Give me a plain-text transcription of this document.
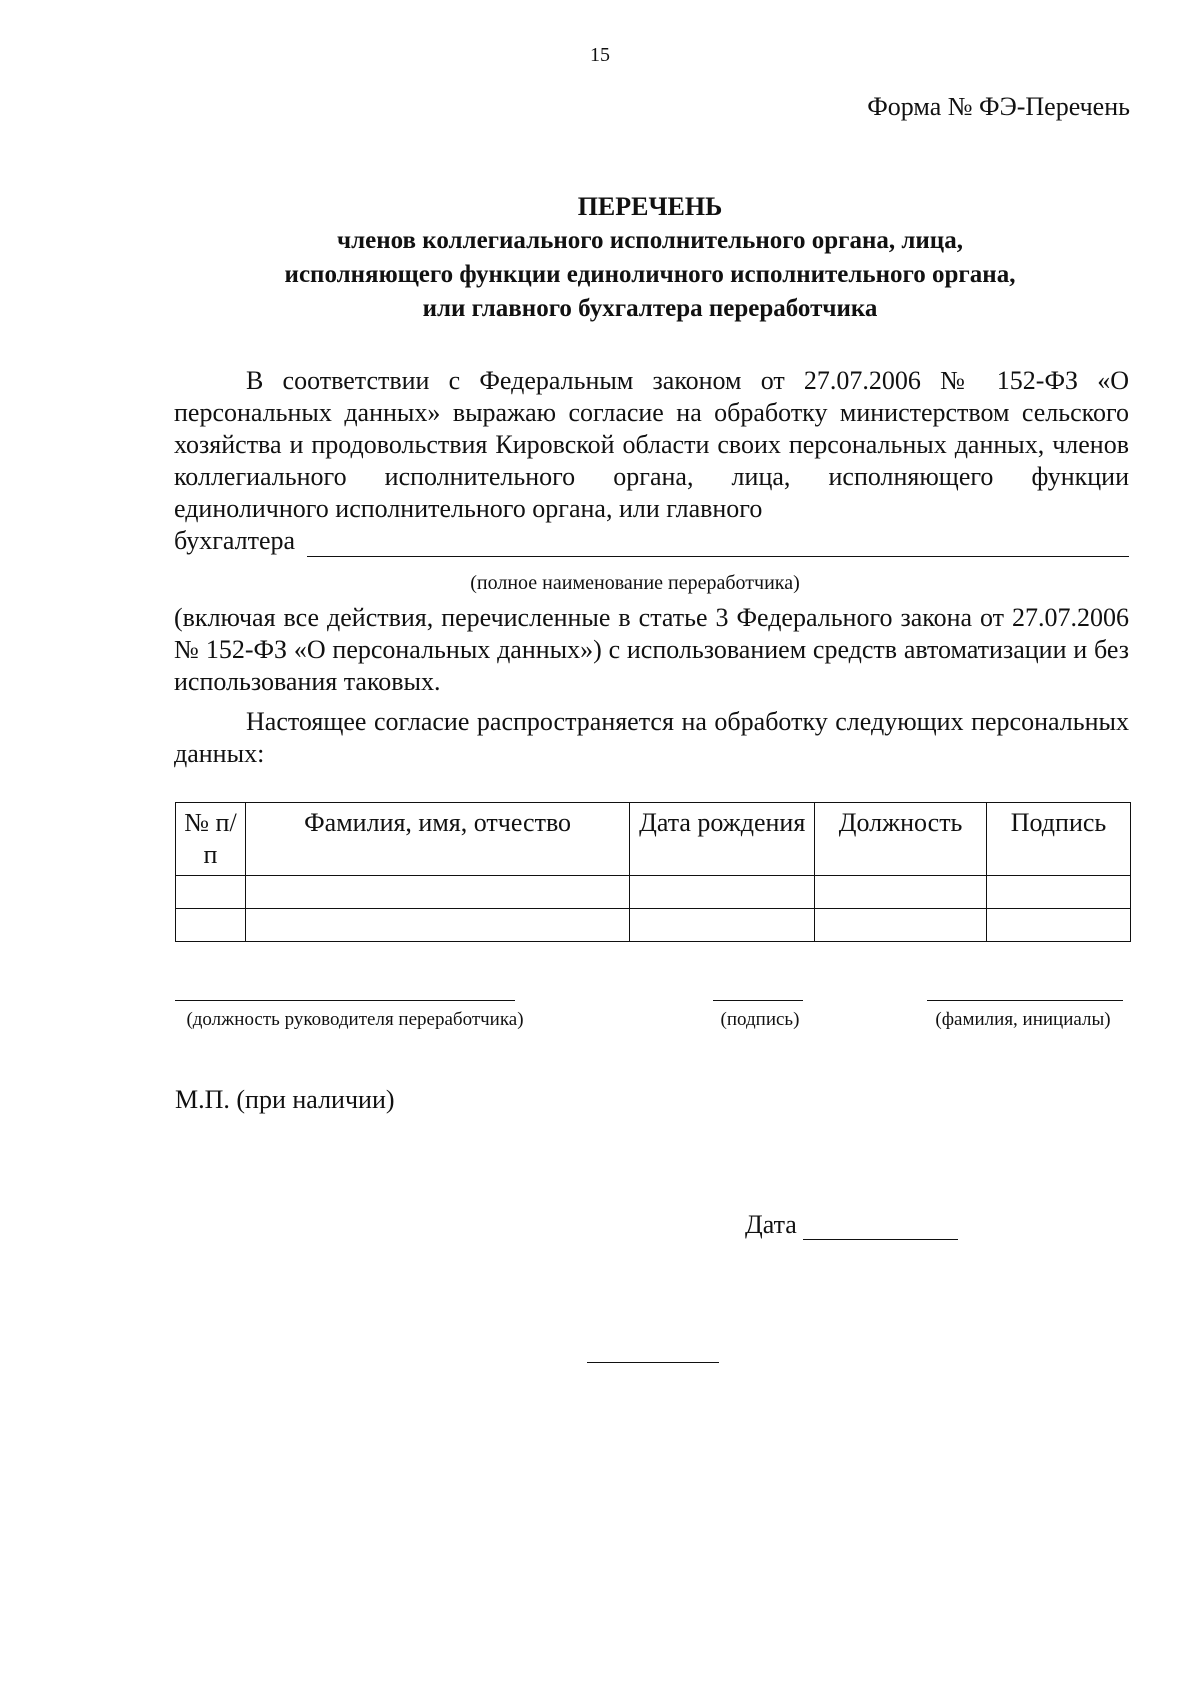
15
Форма № ФЭ-Перечень
ПЕРЕЧЕНЬ
членов коллегиального исполнительного органа, лица,
исполняющего функции единоличного исполнительного органа,
или главного бухгалтера переработчика
В соответствии с Федеральным законом от 27.07.2006 № 152-ФЗ «О персональных данных» выражаю согласие на обработку министерством сельского хозяйства и продовольствия Кировской области своих персональных данных, членов коллегиального исполнительного органа, лица, исполняющего функции единоличного исполнительного органа, или главного
бухгалтера
(полное наименование переработчика)
(включая все действия, перечисленные в статье 3 Федерального закона от 27.07.2006 № 152-ФЗ «О персональных данных») с использованием средств автоматизации и без использования таковых.
Настоящее согласие распространяется на обработку следующих персональных данных:
№ п/п	Фамилия, имя, отчество	Дата рождения	Должность	Подпись

(должность руководителя переработчика)	(подпись)	(фамилия, инициалы)
М.П. (при наличии)
Дата
